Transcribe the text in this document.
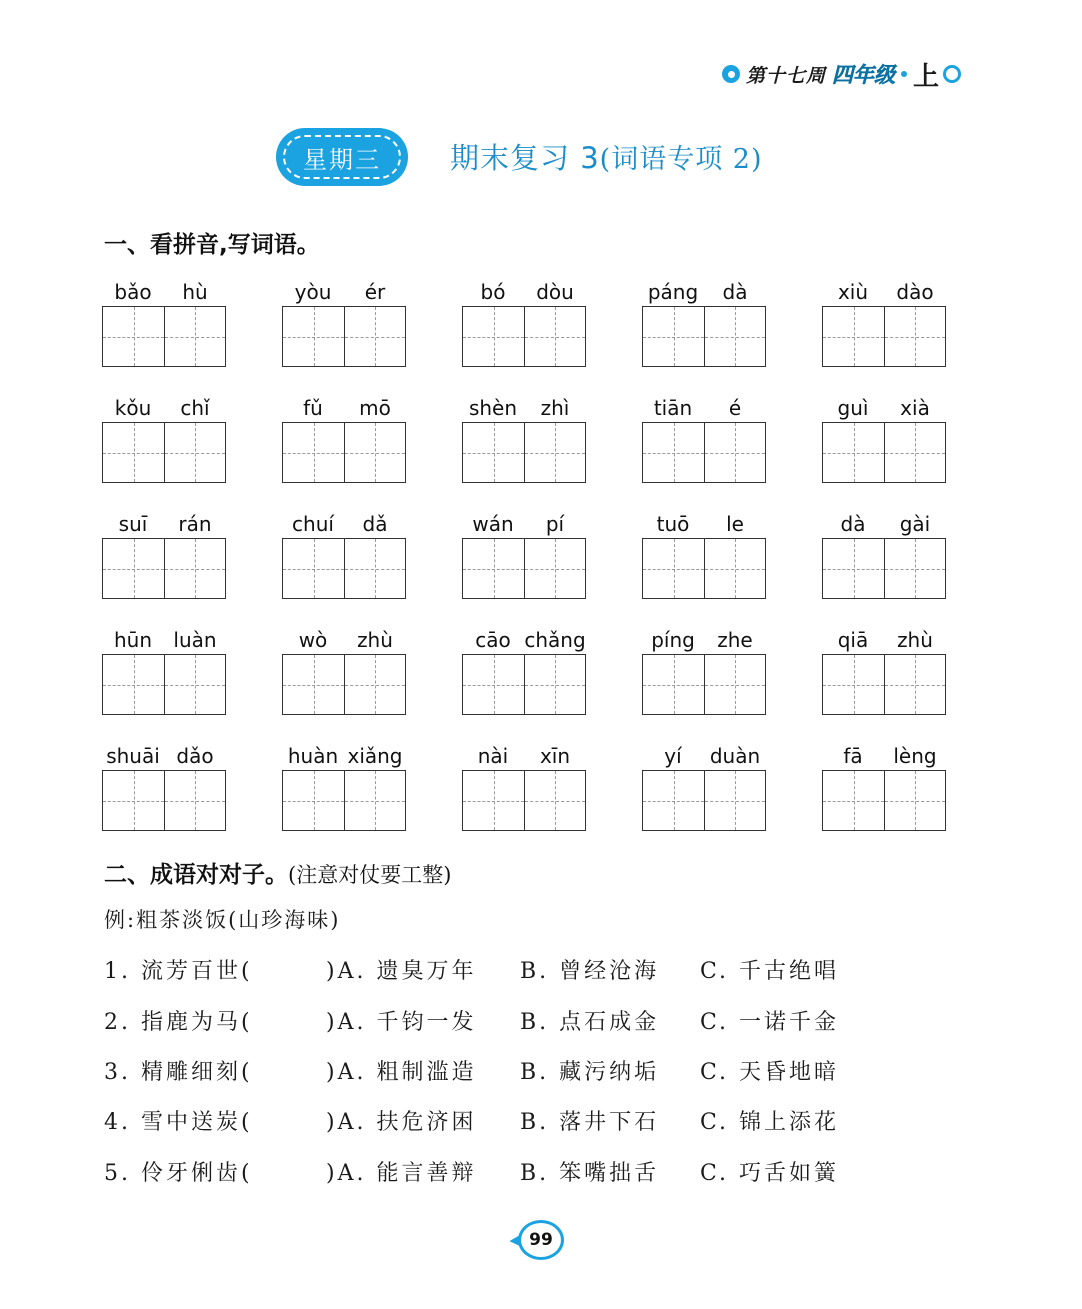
第十七周 四年级 上
星期三	期末复习 3(词语专项 2)
一、看拼音,写词语。
bǎo	hù	yòu	ér	bó	dòu	páng	dà	xiù	dào
kǒu	chǐ	fǔ	mō	shèn	zhì	tiān	é	guì	xià
suī	rán	chuí	dǎ	wán	pí	tuō	le	dà	gài
hūn	luàn	wò	zhù	cāo chǎng	píng	zhe	qiā	zhù
shuāi dǎo	huàn xiǎng	nài	xīn	yí	duàn	fā	lèng
二、成语对对子。(注意对仗要工整)
例:粗茶淡饭(山珍海味)
1. 流芳百世(	)A. 遗臭万年 B. 曾经沧海 C. 千古绝唱
2. 指鹿为马(	)A. 千钧一发 B. 点石成金 C. 一诺千金
3. 精雕细刻(	)A. 粗制滥造 B. 藏污纳垢 C. 天昏地暗
4. 雪中送炭(	)A. 扶危济困 B. 落井下石 C. 锦上添花
5. 伶牙俐齿(	)A. 能言善辩 B. 笨嘴拙舌 C. 巧舌如簧
99
